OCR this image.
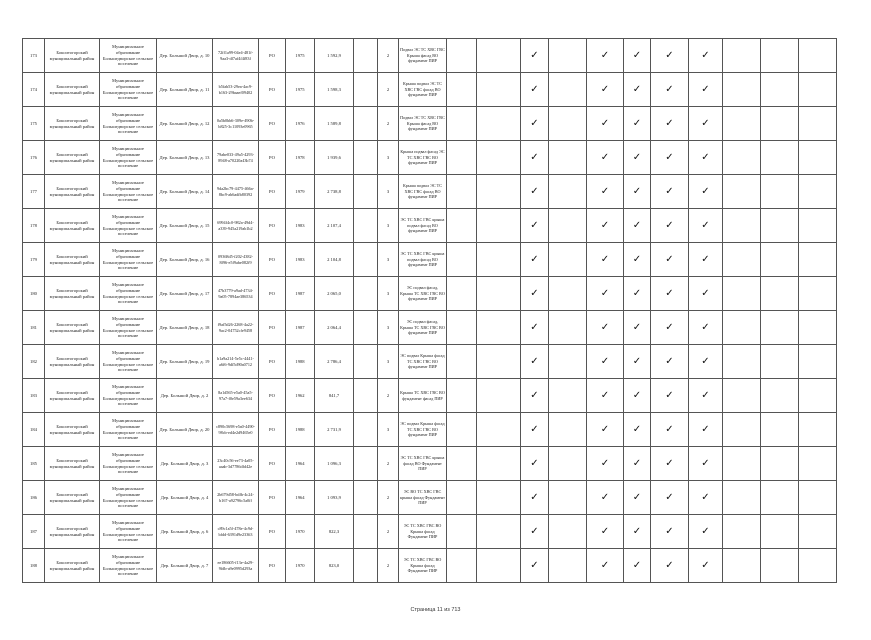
173	Бокситогорский муниципальный район	Муниципальное образование Большедворское сельское поселение	Дер. Большой Двор, д. 10	72ff1a99-04e4-481f-9aa3-df7af4f4f83f	РО	1975	1 592,9		2	Подвал ЭС ТС ХВС ГВС Крыша фасад ВО фундамент ПИР			✓		✓	✓	✓	✓			
174	Бокситогорский муниципальный район	Муниципальное образование Большедворское сельское поселение	Дер. Большой Двор, д. 11	b5fab53-29ea-4ac9-b163-29baaef09402	РО	1975	1 598,3		2	Крыша подвал ЭС ТС ХВС ГВС фасад ВО фундамент ПИР			✓		✓	✓	✓	✓			
175	Бокситогорский муниципальный район	Муниципальное образование Большедворское сельское поселение	Дер. Большой Двор, д. 12	0a5b0bb6-309e-490b-b825-3c11093e0965	РО	1976	1 589,8		2	Подвал ЭС ТС ХВС ГВС Крыша фасад ВО фундамент ПИР			✓		✓	✓	✓	✓			
176	Бокситогорский муниципальный район	Муниципальное образование Большедворское сельское поселение	Дер. Большой Двор, д. 13	79abe033-49a5-4293-8948-a70220a43b74	РО	1978	1 939,6		3	Крыша подвал фасад ЭС ТС ХВС ГВС ВО фундамент ПИР			✓		✓	✓	✓	✓			
177	Бокситогорский муниципальный район	Муниципальное образование Большедворское сельское поселение	Дер. Большой Двор, д. 14	9da2bc79-4475-466a-8bc9-ab6adfb80392	РО	1979	2 738,8		3	Крыша подвал ЭС ТС ХВС ГВС фасад ВО фундамент ПИР			✓		✓	✓	✓	✓			
178	Бокситогорский муниципальный район	Муниципальное образование Большедворское сельское поселение	Дер. Большой Двор, д. 15	6994f4c0-982a-49d4-a339-945a219ab1b2	РО	1983	2 107,4		3	ЭС ТС ХВС ГВС крыша подвал фасад ВО фундамент ПИР			✓		✓	✓	✓	✓			
179	Бокситогорский муниципальный район	Муниципальное образование Большедворское сельское поселение	Дер. Большой Двор, д. 16	09368d5-f202-4382-8f96-e5f9abe082f9	РО	1983	2 104,8		3	ЭС ТС ХВС ГВС крыша подвал фасад ВО фундамент ПИР			✓		✓	✓	✓	✓			
180	Бокситогорский муниципальный район	Муниципальное образование Большедворское сельское поселение	Дер. Большой Двор, д. 17	47b3779-a9ad-4734-9a05-7894ae386534	РО	1987	2 065,0		3	ЭС подвал фасад, Крыша ТС ХВС ГВС ВО фундамент ПИР			✓		✓	✓	✓	✓			
181	Бокситогорский муниципальный район	Муниципальное образование Большедворское сельское поселение	Дер. Большой Двор, д. 18	f9af5d26-2268-4a22-9ac2-04752cfe9458	РО	1987	2 064,4		3	ЭС подвал фасад, Крыша ТС ХВС ГВС ВО фундамент ПИР			✓		✓	✓	✓	✓			
182	Бокситогорский муниципальный район	Муниципальное образование Большедворское сельское поселение	Дер. Большой Двор, д. 19	b1a9a214-5e5c-4441-a6f6-9df5d90a0712	РО	1988	2 786,4		3	ЭС подвал Крыша фасад ТС ХВС ГВС ВО фундамент ПИР			✓		✓	✓	✓	✓			
183	Бокситогорский муниципальный район	Муниципальное образование Большедворское сельское поселение	Дер. Большой Двор, д. 2	8a1d565-e5a0-45a5-97a7-f0e59a3ee634	РО	1962	841,7		2	Крыша ТС ХВС ГВС ВО фундамент фасад ПИР			✓		✓	✓	✓	✓			
184	Бокситогорский муниципальный район	Муниципальное образование Большедворское сельское поселение	Дер. Большой Двор, д. 20	c890c5698-e5a0-4490-98cb-ed4e2d9465e0	РО	1988	2 731,9		3	ЭС подвал Крыша фасад ТС ХВС ГВС ВО фундамент ПИР			✓		✓	✓	✓	✓			
185	Бокситогорский муниципальный район	Муниципальное образование Большедворское сельское поселение	Дер. Большой Двор, д. 3	23c40c56-ee73-4a05-aaab-3d7786dfd42e	РО	1964	1 096,3		2	ЭС ТС ХВС ГВС крыша фасад ВО Фундамент ПИР			✓		✓	✓	✓	✓			
186	Бокситогорский муниципальный район	Муниципальное образование Большедворское сельское поселение	Дер. Большой Двор, д. 4	2b679d58-bdfb-4c24-b167-a92796c5a0ff	РО	1964	1 093,9		2	ЭС ВО ТС ХВС ГВС крыша фасад Фундамент ПИР			✓		✓	✓	✓	✓			
187	Бокситогорский муниципальный район	Муниципальное образование Большедворское сельское поселение	Дер. Большой Двор, д. 6	c89c1a5f-478e-4c9d-bfdd-6391d9e23363	РО	1970	822,3		2	ЭС ТС ХВС ГВС ВО Крыша фасад Фундамент ПИР			✓		✓	✓	✓	✓			
188	Бокситогорский муниципальный район	Муниципальное образование Большедворское сельское поселение	Дер. Большой Двор, д. 7	ee186605-f13e-4a29-9fdb-a9e0995d293a	РО	1970	823,0		2	ЭС ТС ХВС ГВС ВО Крыша фасад Фундамент ПИР			✓		✓	✓	✓	✓			
Страница 11 из 713
